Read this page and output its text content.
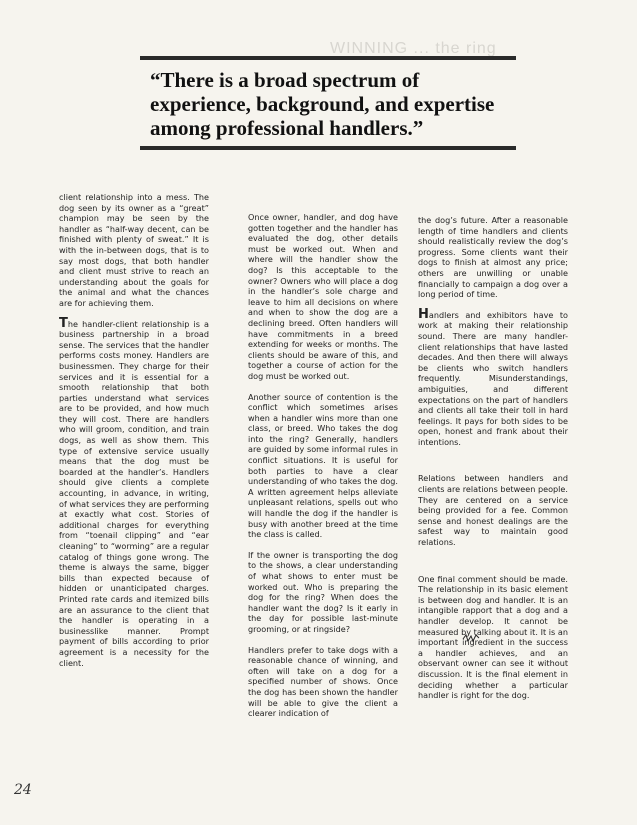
WINNING ... the ring
“There is a broad spectrum of experience, background, and expertise among professional handlers.”

client relationship into a mess. The dog seen by its owner as a “great” champion may be seen by the handler as “half-way decent, can be finished with plenty of sweat.” It is with the in-between dogs, that is to say most dogs, that both handler and client must strive to reach an understanding about the goals for the animal and what the chances are for achieving them.

The handler-client relationship is a business partnership in a broad sense. The services that the handler performs costs money. Handlers are businessmen. They charge for their services and it is essential for a smooth relationship that both parties understand what services are to be provided, and how much they will cost. There are handlers who will groom, condition, and train dogs, as well as show them. This type of extensive service usually means that the dog must be boarded at the handler’s. Handlers should give clients a complete accounting, in advance, in writing, of what services they are performing at exactly what cost. Stories of additional charges for everything from “toenail clipping” and “ear cleaning” to “worming” are a regular catalog of things gone wrong. The theme is always the same, bigger bills than expected because of hidden or unanticipated charges. Printed rate cards and itemized bills are an assurance to the client that the handler is operating in a businesslike manner. Prompt payment of bills according to prior agreement is a necessity for the client.

Once owner, handler, and dog have gotten together and the handler has evaluated the dog, other details must be worked out. When and where will the handler show the dog? Is this acceptable to the owner? Owners who will place a dog in the handler’s sole charge and leave to him all decisions on where and when to show the dog are a declining breed. Often handlers will have commitments in a breed extending for weeks or months. The clients should be aware of this, and together a course of action for the dog must be worked out.

Another source of contention is the conflict which sometimes arises when a handler wins more than one class, or breed. Who takes the dog into the ring? Generally, handlers are guided by some informal rules in conflict situations. It is useful for both parties to have a clear understanding of who takes the dog. A written agreement helps alleviate unpleasant relations, spells out who will handle the dog if the handler is busy with another breed at the time the class is called.

If the owner is transporting the dog to the shows, a clear understanding of what shows to enter must be worked out. Who is preparing the dog for the ring? When does the handler want the dog? Is it early in the day for possible last-minute grooming, or at ringside?

Handlers prefer to take dogs with a reasonable chance of winning, and often will take on a dog for a specified number of shows. Once the dog has been shown the handler will be able to give the client a clearer indication of

the dog’s future. After a reasonable length of time handlers and clients should realistically review the dog’s progress. Some clients want their dogs to finish at almost any price; others are unwilling or unable financially to campaign a dog over a long period of time.

Handlers and exhibitors have to work at making their relationship sound. There are many handler-client relationships that have lasted decades. And then there will always be clients who switch handlers frequently. Misunderstandings, ambiguities, and different expectations on the part of handlers and clients all take their toll in hard feelings. It pays for both sides to be open, honest and frank about their intentions.

Relations between handlers and clients are relations between people. They are centered on a service being provided for a fee. Common sense and honest dealings are the safest way to maintain good relations.

One final comment should be made. The relationship in its basic element is between dog and handler. It is an intangible rapport that a dog and a handler develop. It cannot be measured by talking about it. It is an important ingredient in the success a handler achieves, and an observant owner can see it without discussion. It is the final element in deciding whether a particular handler is right for the dog.

24
